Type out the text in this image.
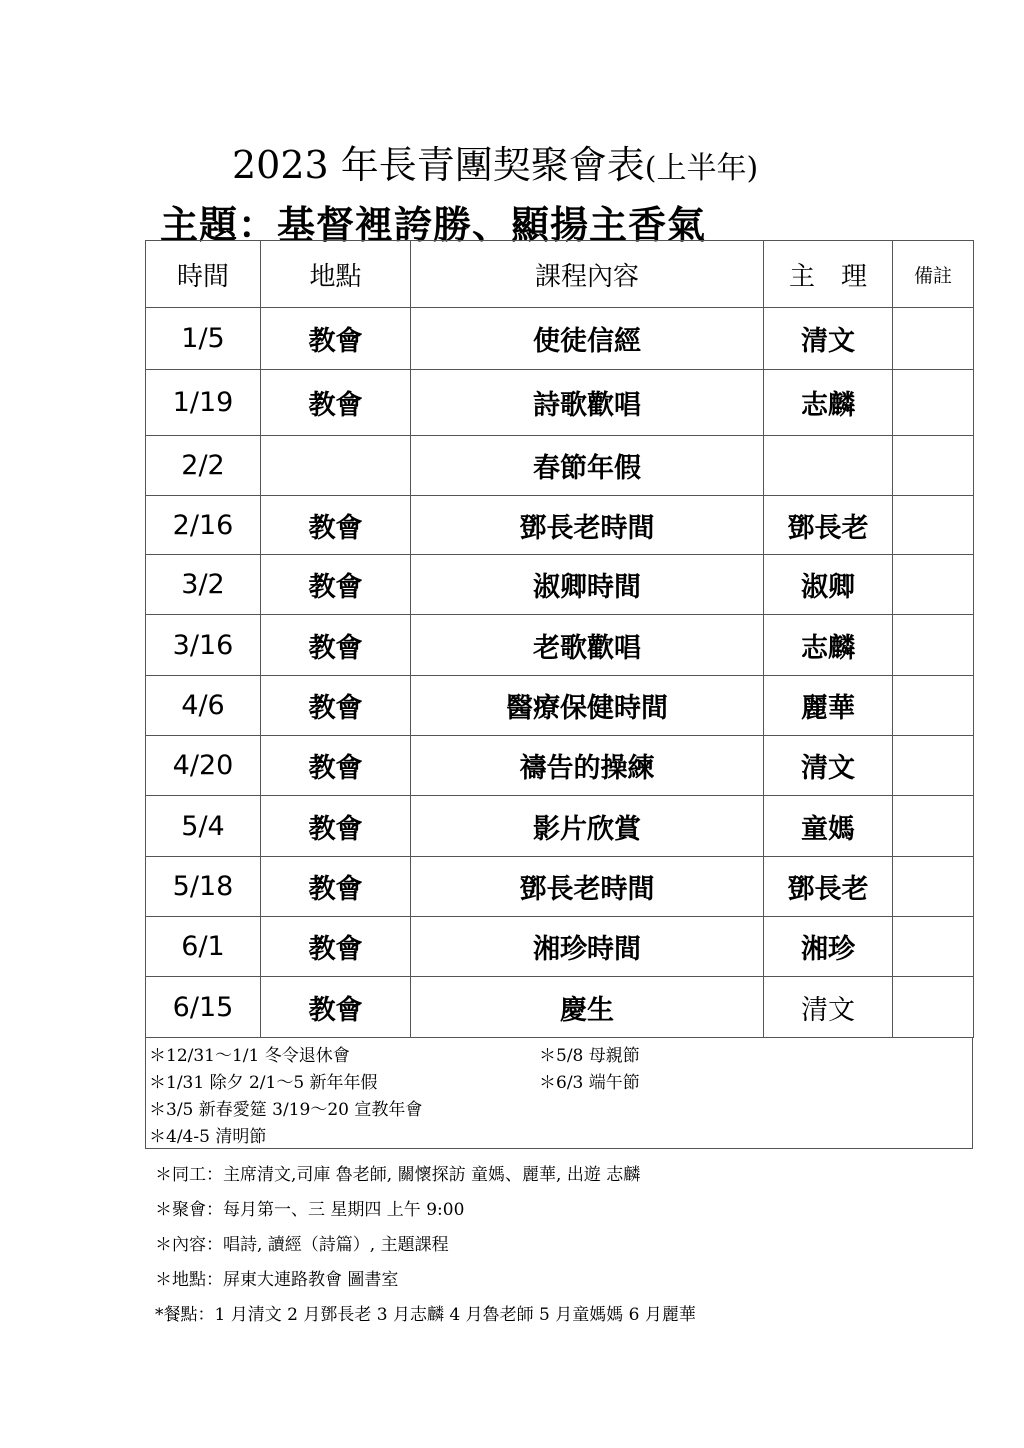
2023 年長青團契聚會表(上半年)
主題：基督裡誇勝、顯揚主香氣
時間	地點	課程內容	主　理	備註
1/5	教會	使徒信經	清文	
1/19	教會	詩歌歡唱	志麟	
2/2		春節年假		
2/16	教會	鄧長老時間	鄧長老	
3/2	教會	淑卿時間	淑卿	
3/16	教會	老歌歡唱	志麟	
4/6	教會	醫療保健時間	麗華	
4/20	教會	禱告的操練	清文	
5/4	教會	影片欣賞	童媽	
5/18	教會	鄧長老時間	鄧長老	
6/1	教會	湘珍時間	湘珍	
6/15	教會	慶生	清文	
＊12/31～1/1 冬令退休會
＊1/31 除夕 2/1～5 新年年假
＊3/5 新春愛筵 3/19～20 宣教年會
＊4/4-5 清明節
＊5/8 母親節
＊6/3 端午節
＊同工：主席清文,司庫 魯老師, 關懷探訪 童媽、麗華, 出遊 志麟
＊聚會：每月第一、三 星期四 上午 9:00
＊內容：唱詩, 讀經（詩篇）, 主題課程
＊地點：屏東大連路教會 圖書室
*餐點：1 月清文 2 月鄧長老 3 月志麟 4 月魯老師 5 月童媽媽 6 月麗華
